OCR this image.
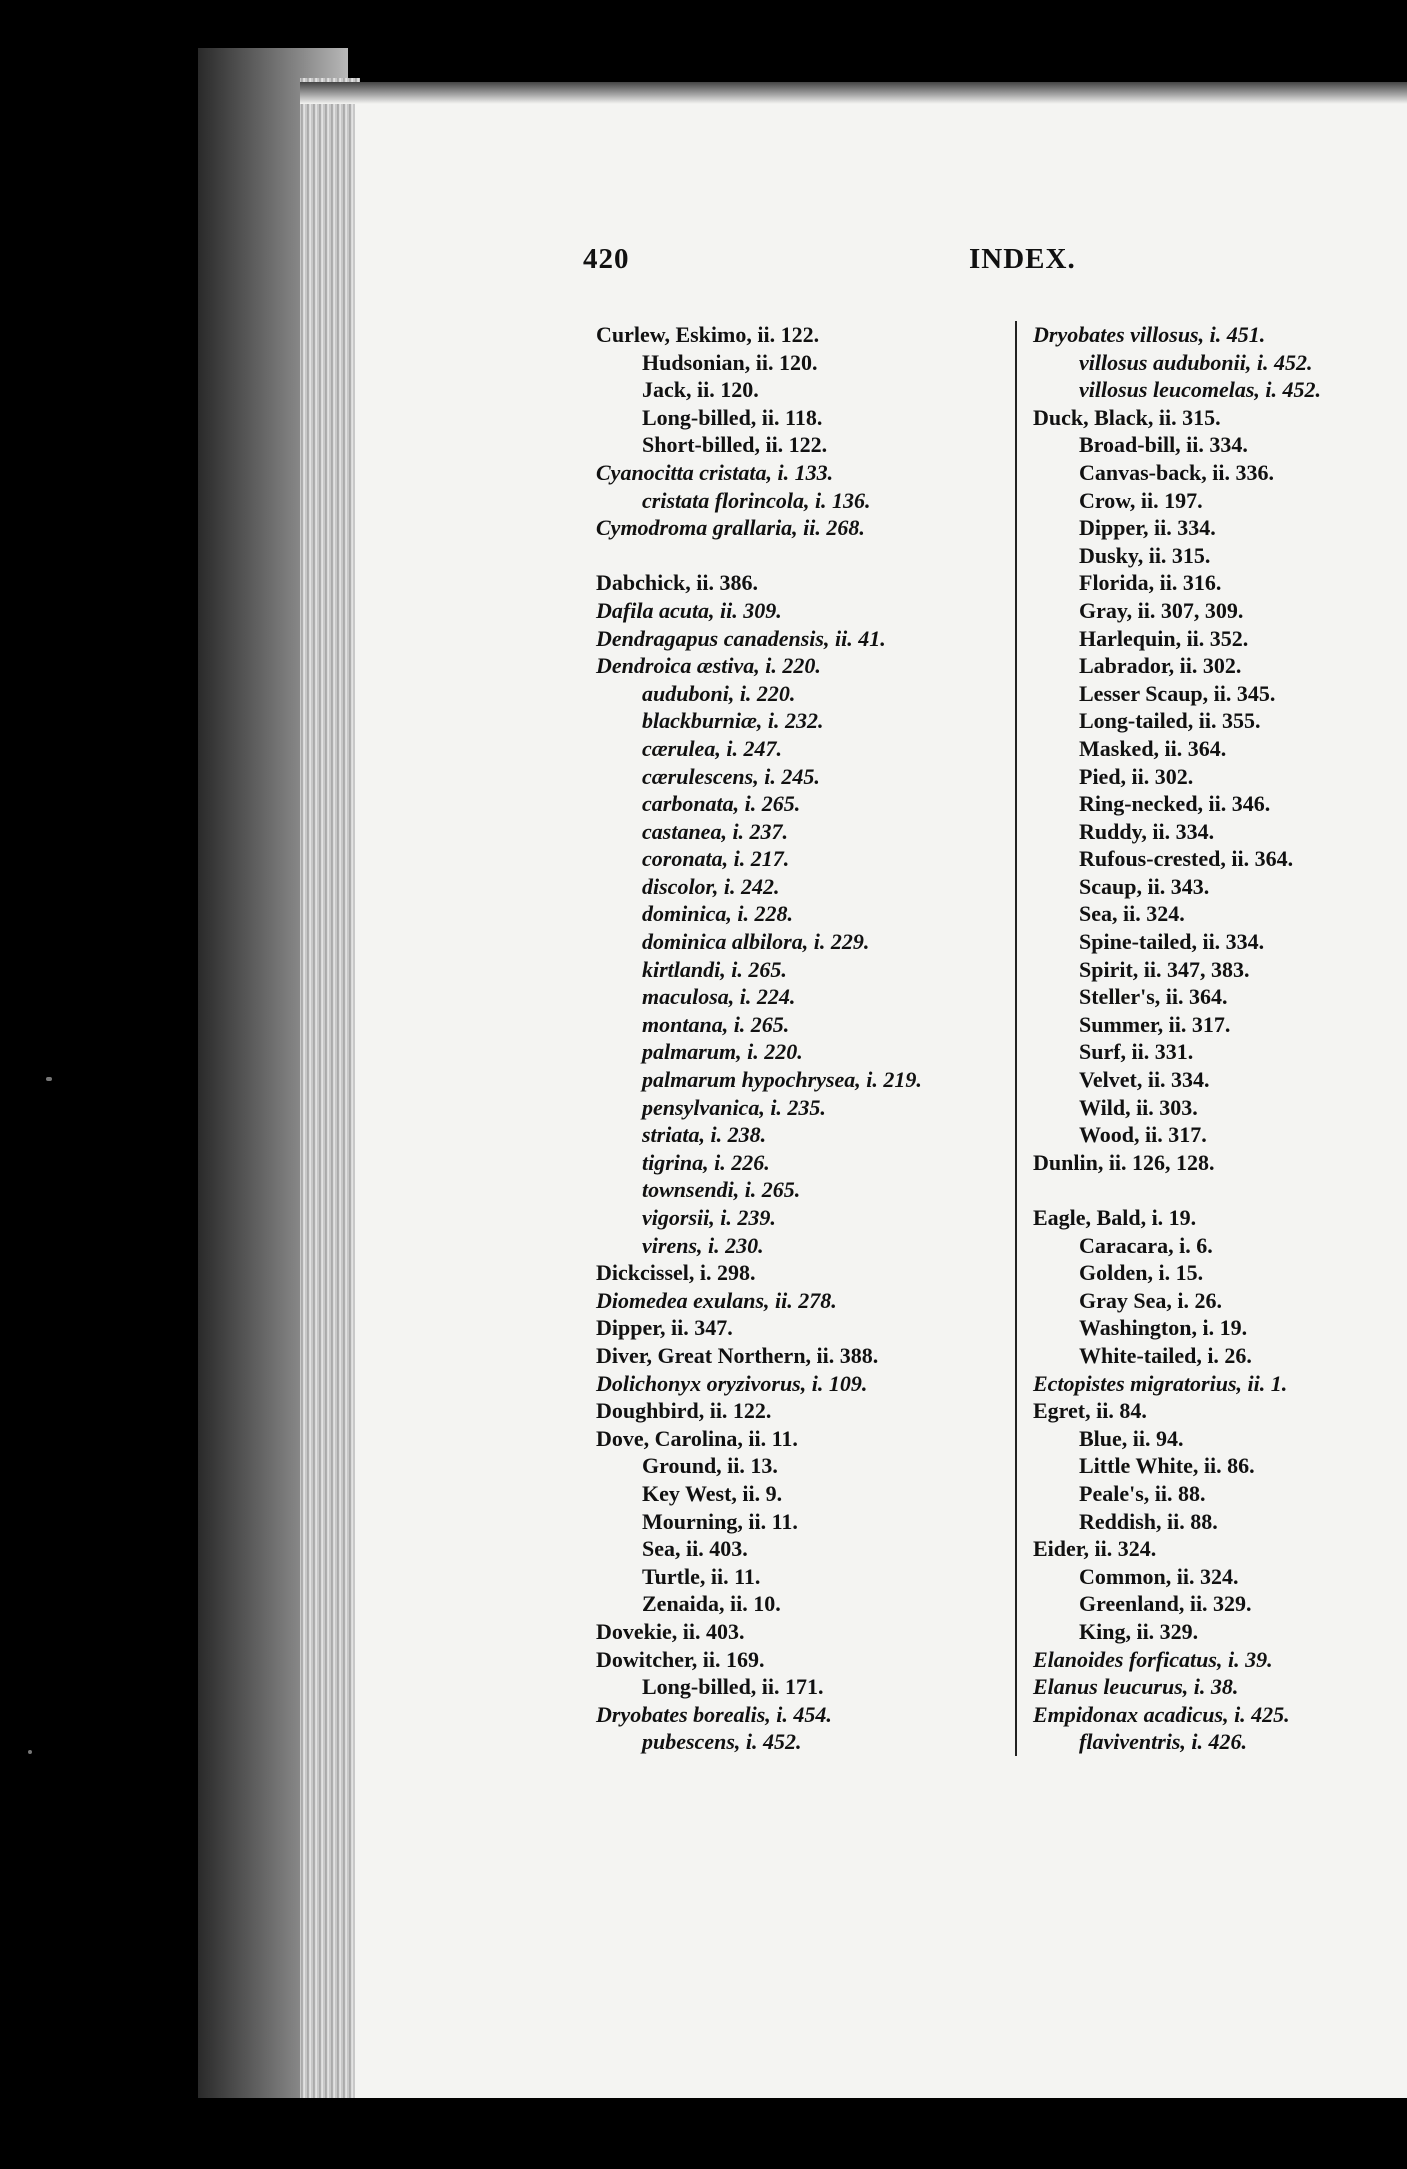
420	INDEX.
Curlew, Eskimo, ii. 122.
Hudsonian, ii. 120.
Jack, ii. 120.
Long-billed, ii. 118.
Short-billed, ii. 122.
Cyanocitta cristata, i. 133.
cristata florincola, i. 136.
Cymodroma grallaria, ii. 268.
Dabchick, ii. 386.
Dafila acuta, ii. 309.
Dendragapus canadensis, ii. 41.
Dendroica æstiva, i. 220.
auduboni, i. 220.
blackburniæ, i. 232.
cærulea, i. 247.
cærulescens, i. 245.
carbonata, i. 265.
castanea, i. 237.
coronata, i. 217.
discolor, i. 242.
dominica, i. 228.
dominica albilora, i. 229.
kirtlandi, i. 265.
maculosa, i. 224.
montana, i. 265.
palmarum, i. 220.
palmarum hypochrysea, i. 219.
pensylvanica, i. 235.
striata, i. 238.
tigrina, i. 226.
townsendi, i. 265.
vigorsii, i. 239.
virens, i. 230.
Dickcissel, i. 298.
Diomedea exulans, ii. 278.
Dipper, ii. 347.
Diver, Great Northern, ii. 388.
Dolichonyx oryzivorus, i. 109.
Doughbird, ii. 122.
Dove, Carolina, ii. 11.
Ground, ii. 13.
Key West, ii. 9.
Mourning, ii. 11.
Sea, ii. 403.
Turtle, ii. 11.
Zenaida, ii. 10.
Dovekie, ii. 403.
Dowitcher, ii. 169.
Long-billed, ii. 171.
Dryobates borealis, i. 454.
pubescens, i. 452.
Dryobates villosus, i. 451.
villosus audubonii, i. 452.
villosus leucomelas, i. 452.
Duck, Black, ii. 315.
Broad-bill, ii. 334.
Canvas-back, ii. 336.
Crow, ii. 197.
Dipper, ii. 334.
Dusky, ii. 315.
Florida, ii. 316.
Gray, ii. 307, 309.
Harlequin, ii. 352.
Labrador, ii. 302.
Lesser Scaup, ii. 345.
Long-tailed, ii. 355.
Masked, ii. 364.
Pied, ii. 302.
Ring-necked, ii. 346.
Ruddy, ii. 334.
Rufous-crested, ii. 364.
Scaup, ii. 343.
Sea, ii. 324.
Spine-tailed, ii. 334.
Spirit, ii. 347, 383.
Steller's, ii. 364.
Summer, ii. 317.
Surf, ii. 331.
Velvet, ii. 334.
Wild, ii. 303.
Wood, ii. 317.
Dunlin, ii. 126, 128.
Eagle, Bald, i. 19.
Caracara, i. 6.
Golden, i. 15.
Gray Sea, i. 26.
Washington, i. 19.
White-tailed, i. 26.
Ectopistes migratorius, ii. 1.
Egret, ii. 84.
Blue, ii. 94.
Little White, ii. 86.
Peale's, ii. 88.
Reddish, ii. 88.
Eider, ii. 324.
Common, ii. 324.
Greenland, ii. 329.
King, ii. 329.
Elanoides forficatus, i. 39.
Elanus leucurus, i. 38.
Empidonax acadicus, i. 425.
flaviventris, i. 426.
